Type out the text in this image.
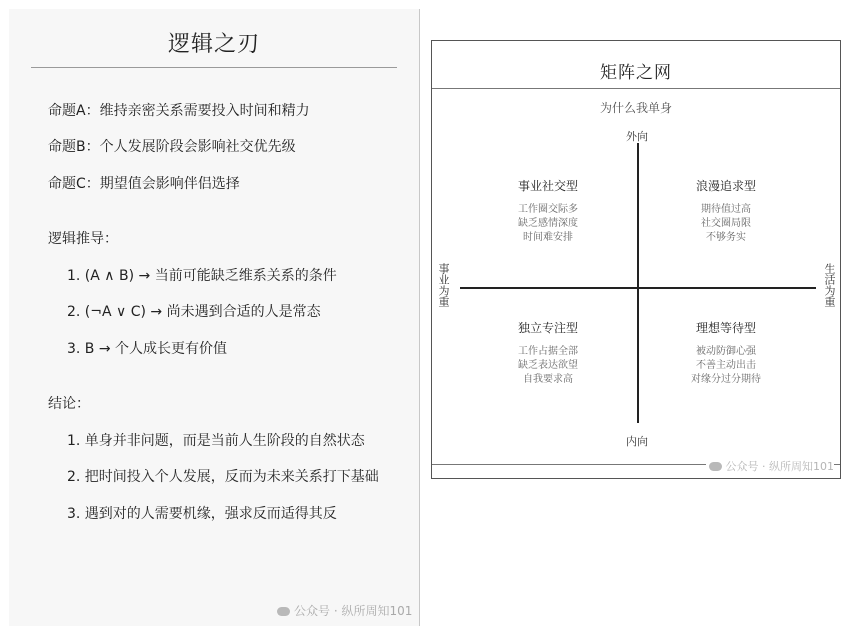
逻辑之刃
命题A：维持亲密关系需要投入时间和精力
命题B：个人发展阶段会影响社交优先级
命题C：期望值会影响伴侣选择
逻辑推导：
1. (A ∧ B) → 当前可能缺乏维系关系的条件
2. (¬A ∨ C) → 尚未遇到合适的人是常态
3. B → 个人成长更有价值
结论：
1. 单身并非问题，而是当前人生阶段的自然状态
2. 把时间投入个人发展，反而为未来关系打下基础
3. 遇到对的人需要机缘，强求反而适得其反
公众号 · 纵所周知101
矩阵之网
为什么我单身
外向
内向
事业为重	生活为重
事业社交型
工作圈交际多
缺乏感情深度
时间难安排
浪漫追求型
期待值过高
社交圈局限
不够务实
独立专注型
工作占据全部
缺乏表达欲望
自我要求高
理想等待型
被动防御心强
不善主动出击
对缘分过分期待
公众号 · 纵所周知101
